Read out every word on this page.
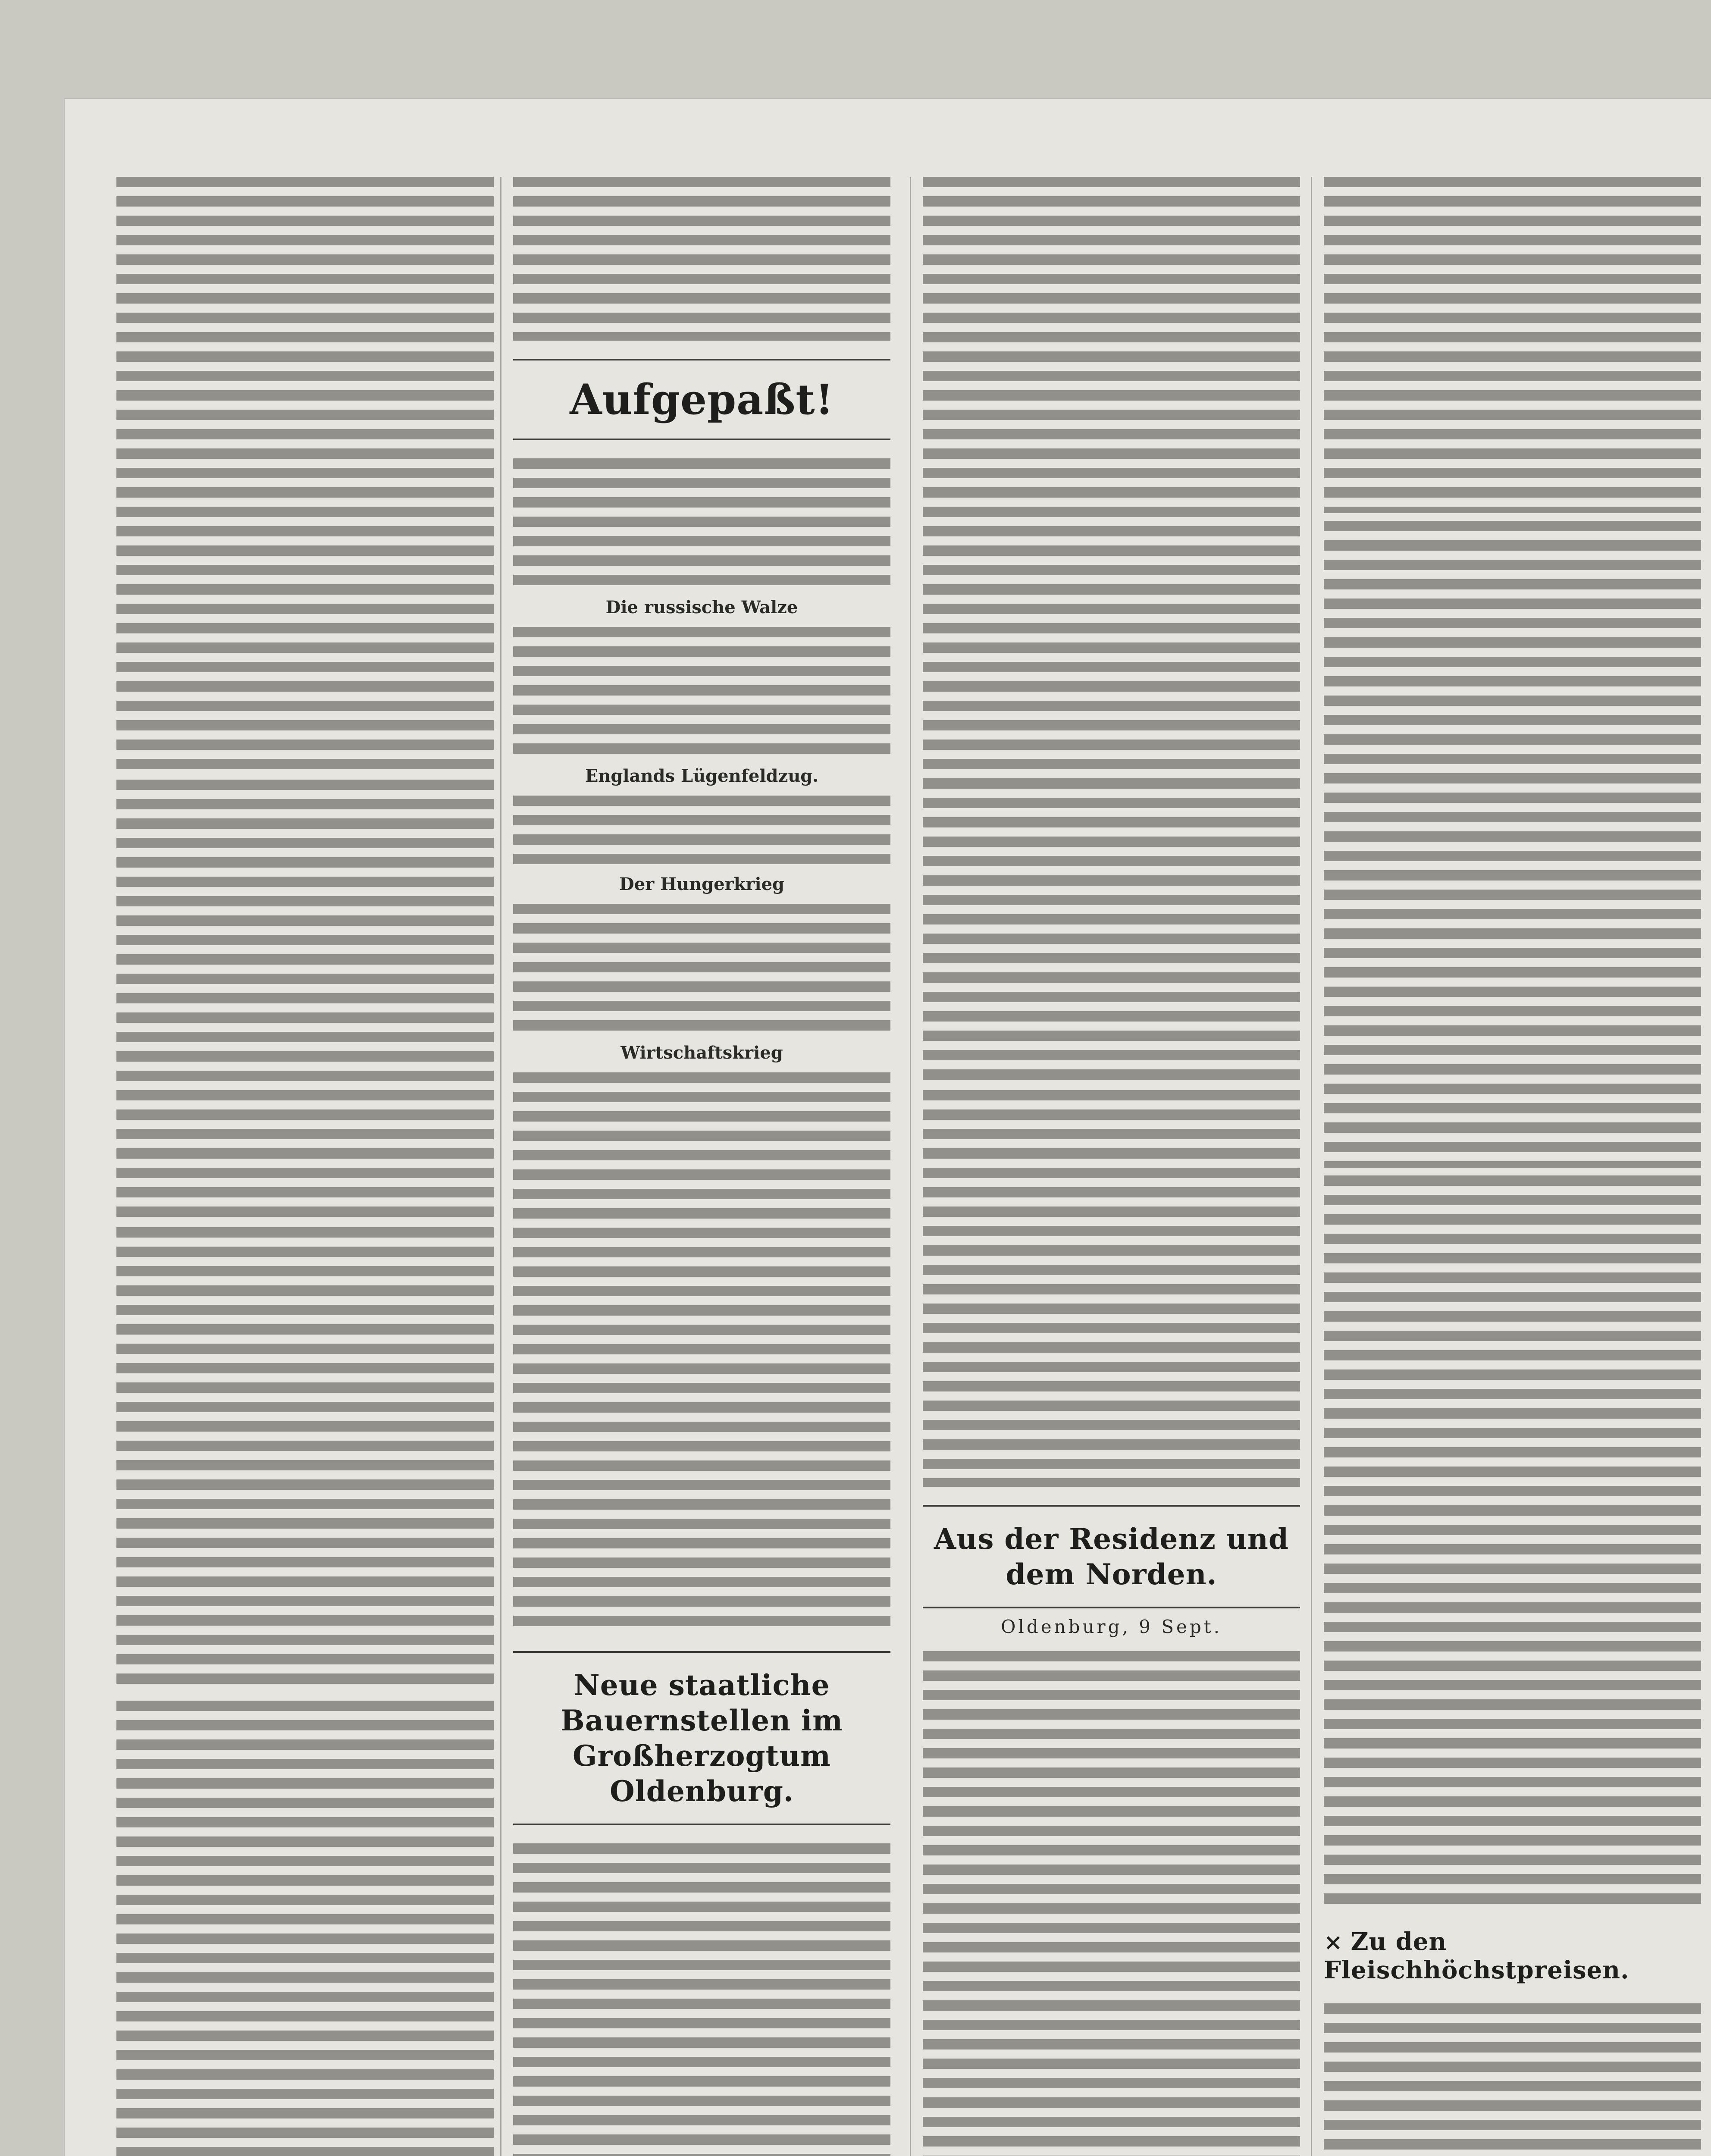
Aufgepaßt!
Die russische Walze
Englands Lügenfeldzug.
Der Hungerkrieg
Wirtschaftskrieg
Neue staatliche Bauernstellen im Großherzogtum Oldenburg.
Aus der Residenz und dem Norden.
Oldenburg, 9 Sept.
× Zu den Fleischhöchstpreisen.
